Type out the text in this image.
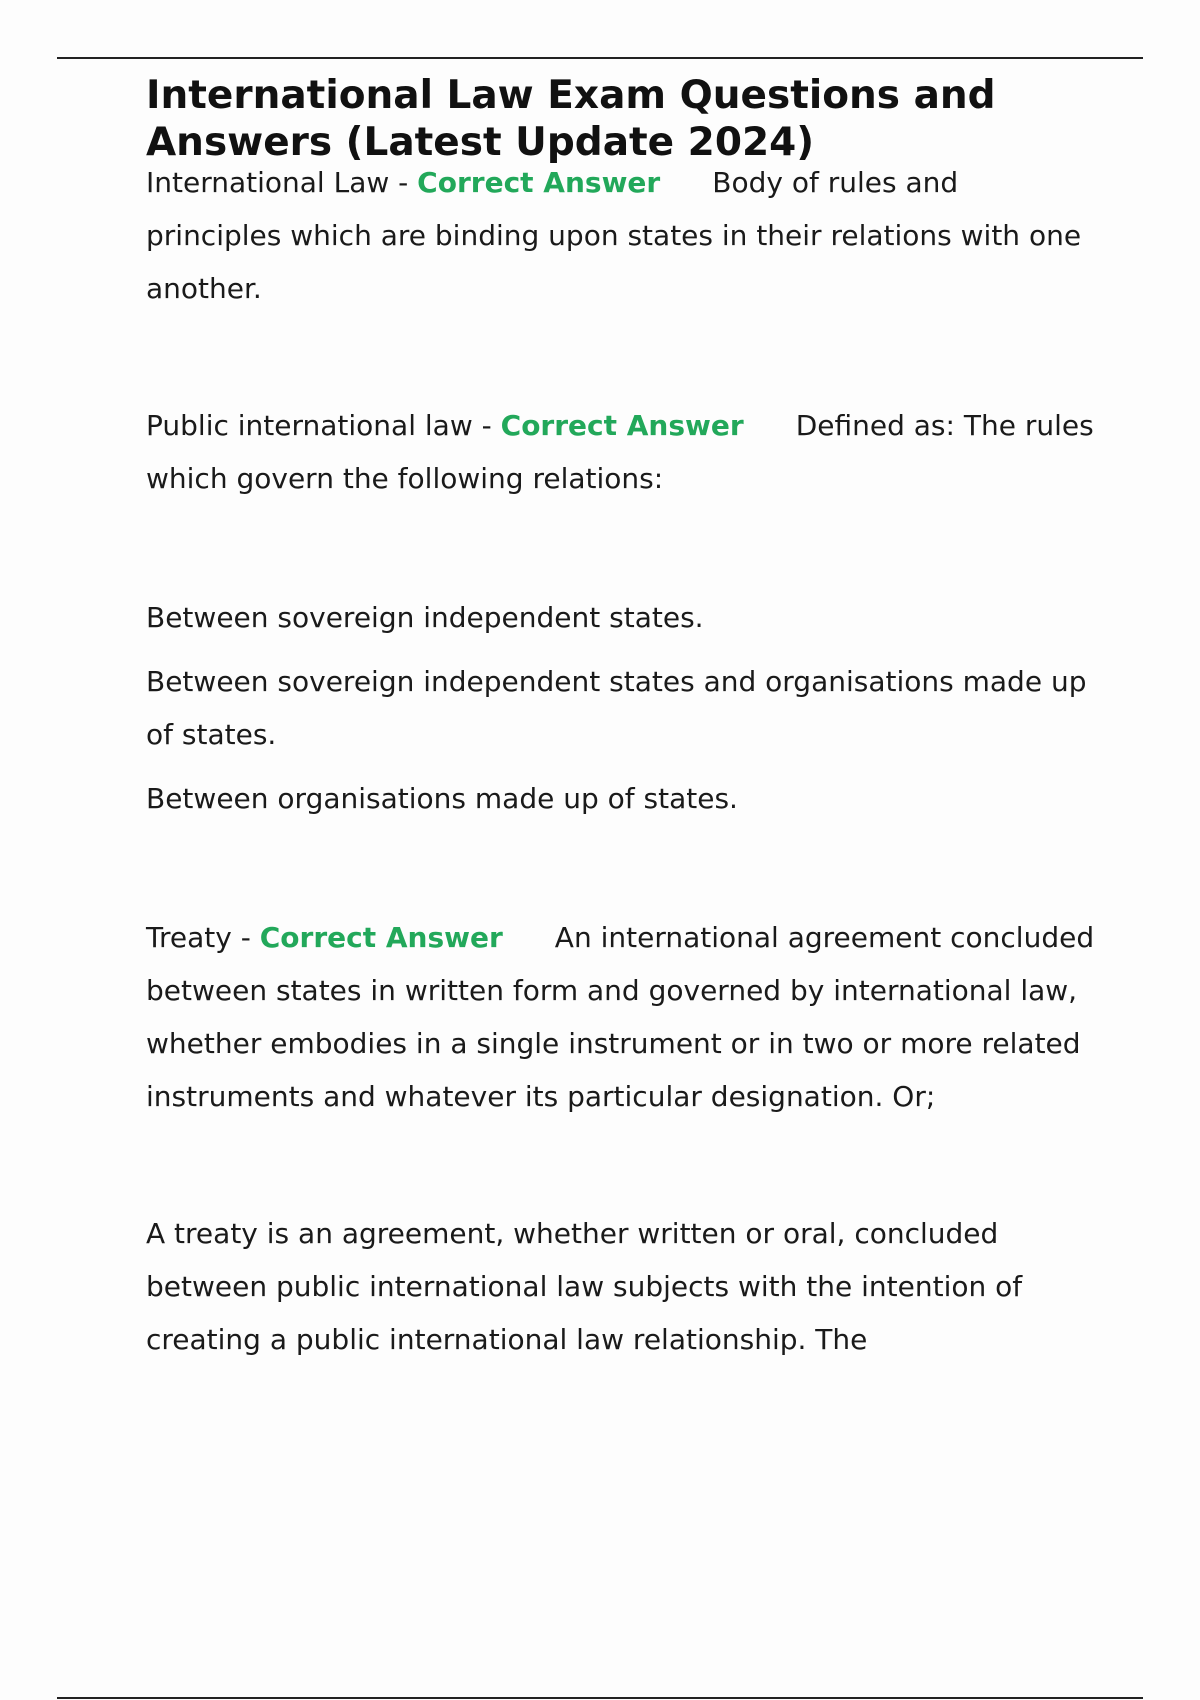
International Law Exam Questions and Answers (Latest Update 2024)

International Law - Correct Answer Body of rules and principles which are binding upon states in their relations with one another.

Public international law - Correct Answer Defined as: The rules which govern the following relations:

Between sovereign independent states.

Between sovereign independent states and organisations made up of states.

Between organisations made up of states.

Treaty - Correct Answer An international agreement concluded between states in written form and governed by international law, whether embodies in a single instrument or in two or more related instruments and whatever its particular designation. Or;

A treaty is an agreement, whether written or oral, concluded between public international law subjects with the intention of creating a public international law relationship. The
